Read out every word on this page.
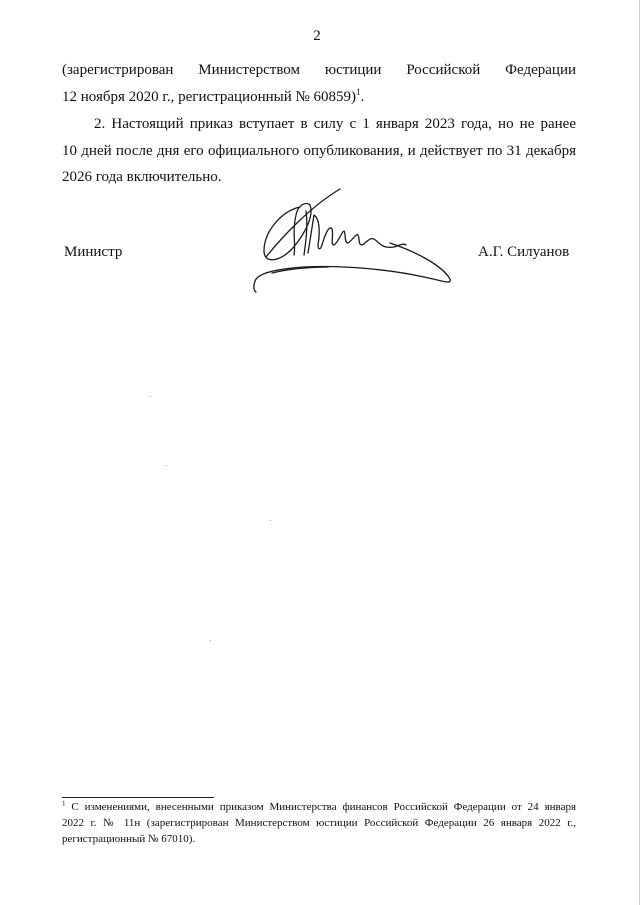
2

(зарегистрирован Министерством юстиции Российской Федерации

12 ноября 2020 г., регистрационный № 60859)$^1$.

2. Настоящий приказ вступает в силу с 1 января 2023 года, но не ранее

10 дней после дня его официального опубликования, и действует по 31 декабря

2026 года включительно.

Министр	А.Г. Силуанов

$^1$ С изменениями, внесенными приказом Министерства финансов Российской Федерации от 24 января

2022 г. № 11н (зарегистрирован Министерством юстиции Российской Федерации 26 января 2022 г.,

регистрационный № 67010).
